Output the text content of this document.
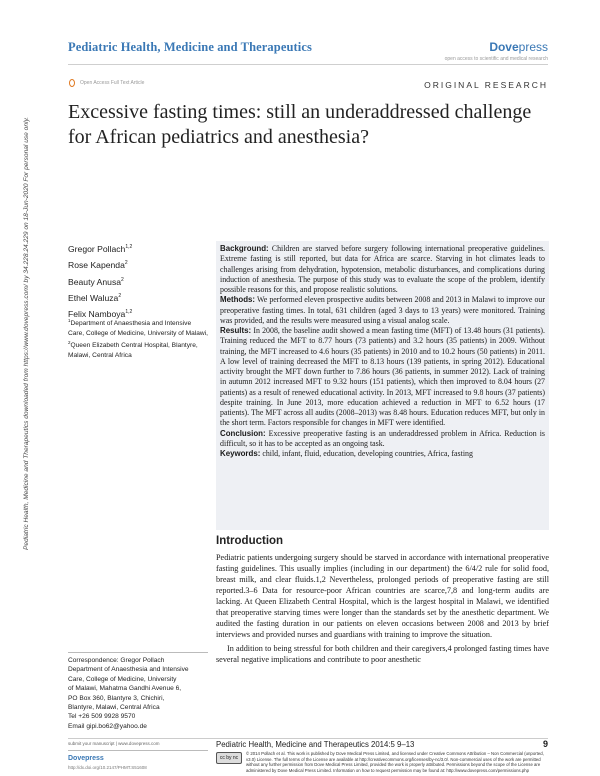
Pediatric Health, Medicine and Therapeutics	Dovepress
open access to scientific and medical research
Open Access Full Text Article	ORIGINAL RESEARCH
Excessive fasting times: still an underaddressed challenge for African pediatrics and anesthesia?
Pediatric Health, Medicine and Therapeutics downloaded from https://www.dovepress.com/ by 34.228.24.229 on 18-Jun-2020 For personal use only.	Gregor Pollach$^{1,2}$
Rose Kapenda$^2$
Beauty Anusa$^2$
Ethel Waluza$^2$
Felix Namboya$^{1,2}$
$^1$Department of Anaesthesia and Intensive Care, College of Medicine, University of Malawi, $^2$Queen Elizabeth Central Hospital, Blantyre, Malawi, Central Africa

Background: Children are starved before surgery following international preoperative guidelines. Extreme fasting is still reported, but data for Africa are scarce. Starving in hot climates leads to challenges arising from dehydration, hypotension, metabolic disturbances, and complications during induction of anesthesia. The purpose of this study was to evaluate the scope of the problem, identify possible reasons for this, and propose realistic solutions.

Methods: We performed eleven prospective audits between 2008 and 2013 in Malawi to improve our preoperative fasting times. In total, 631 children (aged 3 days to 13 years) were monitored. Training was provided, and the results were measured using a visual analog scale.

Results: In 2008, the baseline audit showed a mean fasting time (MFT) of 13.48 hours (31 patients). Training reduced the MFT to 8.77 hours (73 patients) and 3.2 hours (35 patients) in 2009. Without training, the MFT increased to 4.6 hours (35 patients) in 2010 and to 10.2 hours (50 patients) in 2011. A low level of training decreased the MFT to 8.13 hours (139 patients, in spring 2012). Educational activity brought the MFT down further to 7.86 hours (36 patients, in summer 2012). Lack of training in autumn 2012 increased MFT to 9.32 hours (151 patients), which then improved to 8.04 hours (27 patients) as a result of renewed educational activity. In 2013, MFT increased to 9.8 hours (37 patients) despite training. In June 2013, more education achieved a reduction in MFT to 6.52 hours (17 patients). The MFT across all audits (2008–2013) was 8.48 hours. Education reduces MFT, but only in the short term. Factors responsible for changes in MFT were identified.

Conclusion: Excessive preoperative fasting is an underaddressed problem in Africa. Reduction is difficult, so it has to be accepted as an ongoing task.

Keywords: child, infant, fluid, education, developing countries, Africa, fasting

Introduction

Pediatric patients undergoing surgery should be starved in accordance with international preoperative fasting guidelines. This usually implies (including in our department) the 6/4/2 rule for solid food, breast milk, and clear fluids.1,2 Nevertheless, prolonged periods of preoperative fasting are still reported.3–6 Data for resource-poor African countries are scarce,7,8 and long-term audits are lacking. At Queen Elizabeth Central Hospital, which is the largest hospital in Malawi, we identified that preoperative starving times were longer than the standards set by the anesthetic department. We audited the fasting duration in our patients on eleven occasions between 2008 and 2013 by brief interviews and provided nurses and guardians with training to improve the situation.

In addition to being stressful for both children and their caregivers,4 prolonged fasting times have several negative implications and contribute to poor anesthetic

Correspondence: Gregor Pollach
Department of Anaesthesia and Intensive
Care, College of Medicine, University
of Malawi, Mahatma Gandhi Avenue 6,
PO Box 360, Blantyre 3, Chichiri,
Blantyre, Malawi, Central Africa
Tel +26 509 9928 9570
Email gipi.bo62@yahoo.de
submit your manuscript | www.dovepress.com
Dovepress
http://dx.doi.org/10.2147/PHMT.S51608
Pediatric Health, Medicine and Therapeutics 2014:5 9–13	9
cc by nc
© 2014 Pollach et al. This work is published by Dove Medical Press Limited, and licensed under Creative Commons Attribution – Non Commercial (unported, v3.0) License. The full terms of the License are available at http://creativecommons.org/licenses/by-nc/3.0/. Non-commercial uses of the work are permitted without any further permission from Dove Medical Press Limited, provided the work is properly attributed. Permissions beyond the scope of the License are administered by Dove Medical Press Limited. Information on how to request permission may be found at: http://www.dovepress.com/permissions.php
